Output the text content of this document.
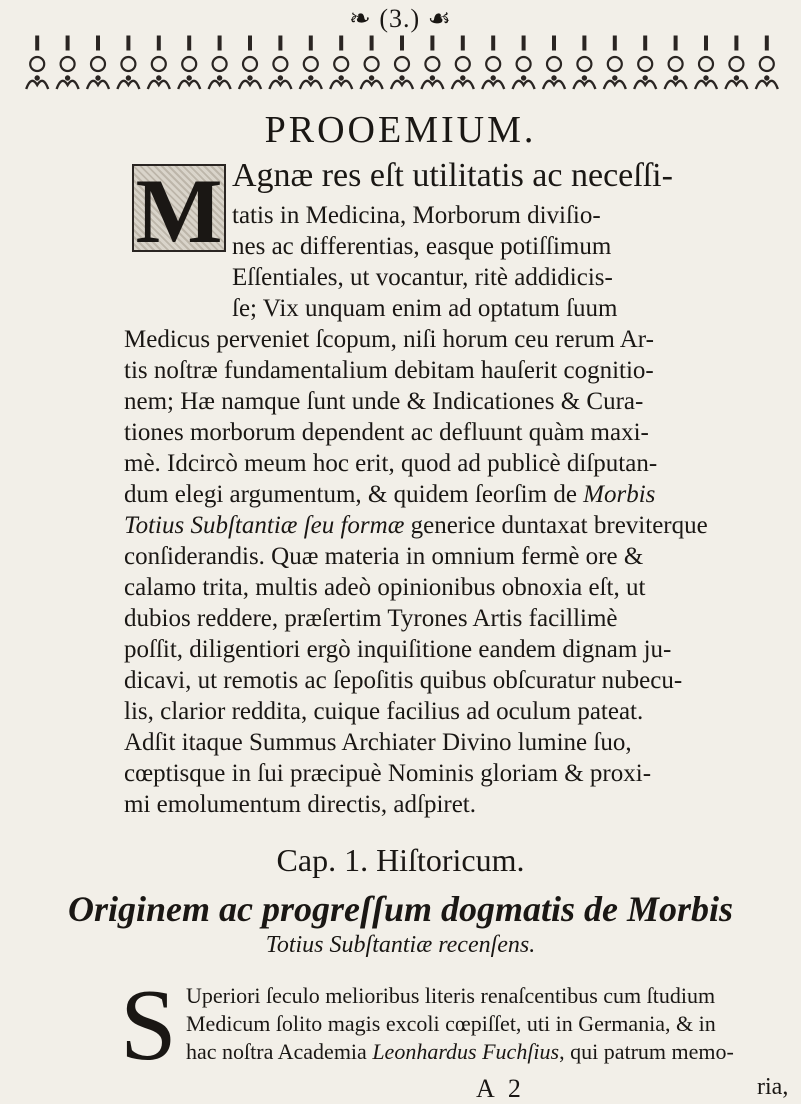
❧ (3.) ☙
PROOEMIUM.
M Agnæ res eſt utilitatis ac neceſſi-
tatis in Medicina, Morborum diviſio-
nes ac differentias, easque potiſſimum
Eſſentiales, ut vocantur, ritè addidicis-
ſe; Vix unquam enim ad optatum ſuum
Medicus perveniet ſcopum, niſi horum ceu rerum Ar-
tis noſtræ fundamentalium debitam hauſerit cognitio-
nem; Hæ namque ſunt unde & Indicationes & Cura-
tiones morborum dependent ac defluunt quàm maxi-
mè. Idcircò meum hoc erit, quod ad publicè diſputan-
dum elegi argumentum, & quidem ſeorſim de Morbis
Totius Subſtantiæ ſeu formæ generice duntaxat breviterque
conſiderandis. Quæ materia in omnium fermè ore &
calamo trita, multis adeò opinionibus obnoxia eſt, ut
dubios reddere, præſertim Tyrones Artis facillimè
poſſit, diligentiori ergò inquiſitione eandem dignam ju-
dicavi, ut remotis ac ſepoſitis quibus obſcuratur nubecu-
lis, clarior reddita, cuique facilius ad oculum pateat.
Adſit itaque Summus Archiater Divino lumine ſuo,
cœptisque in ſui præcipuè Nominis gloriam & proxi-
mi emolumentum directis, adſpiret.
Cap. 1. Hiſtoricum.
Originem ac progreſſum dogmatis de Morbis
Totius Subſtantiæ recenſens.
S Uperiori ſeculo melioribus literis renaſcentibus cum ſtudium
Medicum ſolito magis excoli cœpiſſet, uti in Germania, & in
hac noſtra Academia Leonhardus Fuchſius, qui patrum memo-
A 2	ria,
